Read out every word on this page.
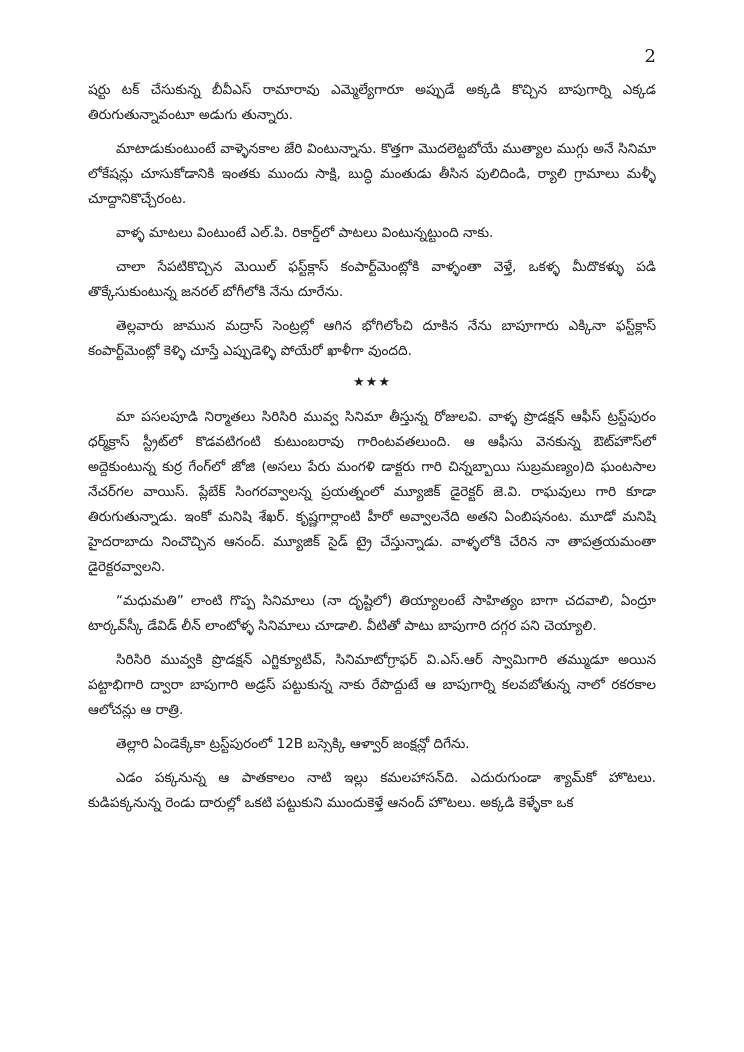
2

షర్టు టక్ చేసుకున్న బీవీఎస్ రామారావు ఎమ్మెల్యేగారూ అప్పుడే అక్కడి కొచ్చిన బాపుగార్ని ఎక్కడ తిరుగుతున్నావంటూ అడుగు తున్నారు.

మాటాడుకుంటుంటే వాళ్ళెనకాల జేరి వింటున్నాను. కొత్తగా మొదలెట్టబోయే ముత్యాల ముగ్గు అనే సినిమా లోకేషన్లు చూసుకోడానికి ఇంతకు ముందు సాక్షి, బుద్ధి మంతుడు తీసిన పులిదిండి, ర్యాలి గ్రామాలు మళ్ళీ చూద్దానికొచ్చేరంట.

వాళ్ళ మాటలు వింటుంటే ఎల్.పి. రికార్డ్‌లో పాటలు వింటున్నట్టుంది నాకు.

చాలా సేపటికొచ్చిన మెయిల్ ఫస్ట్‌క్లాస్ కంపార్ట్‌మెంట్లోకి వాళ్ళంతా వెళ్తే, ఒకళ్ళ మీదొకళ్ళు పడి తొక్కేసుకుంటున్న జనరల్ బోగీలోకి నేను దూరేను.

తెల్లవారు జామున మద్రాస్ సెంట్రల్లో ఆగిన భోగిలోంచి దూకిన నేను బాపూగారు ఎక్కినా ఫస్ట్‌క్లాస్ కంపార్ట్‌మెంట్లో కెళ్ళి చూస్తే ఎప్పుడెళ్ళి పోయేరో ఖాళీగా వుందది.

★★★

మా పసలపూడి నిర్మాతలు సిరిసిరి మువ్వ సినిమా తీస్తున్న రోజులవి. వాళ్ళ ప్రొడక్షన్ ఆఫీస్ ట్రస్ట్‌పురం ధర్మ్‌క్రాస్ స్ట్రీట్‌లో కొడవటిగంటి కుటుంబరావు గారింటవతలుంది. ఆ ఆఫీసు వెనకున్న ఔట్‌హౌస్‌లో అద్దెకుంటున్న కుర్ర గేంగ్‌లో జోజి (అసలు పేరు మంగళి డాక్టరు గారి చిన్నబ్బాయి సుబ్రమణ్యం)ది ఘంటసాల నేచర్‌గల వాయిస్. ప్లేబేక్ సింగరవ్వాలన్న ప్రయత్నంలో మ్యూజిక్ డైరెక్టర్ జె.వి. రాఘవులు గారి కూడా తిరుగుతున్నాడు. ఇంకో మనిషి శేఖర్. కృష్ణగార్లాంటి హీరో అవ్వాలనేది అతని ఏంబిషనంట. మూడో మనిషి హైదరాబాదు నించొచ్చిన ఆనంద్. మ్యూజిక్ సైడ్ ట్రై చేస్తున్నాడు. వాళ్ళలోకి చేరిన నా తాపత్రయమంతా డైరెక్టరవ్వాలని.

“మధుమతి” లాంటి గొప్ప సినిమాలు (నా దృష్టిలో) తియ్యాలంటే సాహిత్యం బాగా చదవాలి, ఏంద్రూ టార్కవ్‌స్కీ డేవిడ్ లీన్ లాంటోళ్ళ సినిమాలు చూడాలి. వీటితో పాటు బాపుగారి దగ్గర పని చెయ్యాలి.

సిరిసిరి మువ్వకి ప్రొడక్షన్ ఎగ్జిక్యూటివ్, సినిమాటోగ్రాఫర్ వి.ఎస్.ఆర్ స్వామిగారి తమ్ముడూ అయిన పట్టాభిగారి ద్వారా బాపుగారి అడ్రస్ పట్టుకున్న నాకు రేపొద్దుటే ఆ బాపుగార్ని కలవబోతున్న నాలో రకరకాల ఆలోచన్లు ఆ రాత్రి.

తెల్లారి ఏండెక్కేకా ట్రస్ట్‌పురంలో 12B బస్సెక్కి ఆళ్వార్ జంక్షన్లో దిగేను.

ఎడం పక్కనున్న ఆ పాతకాలం నాటి ఇల్లు కమలహాసన్‌ది. ఎదురుగుండా శ్యామ్‌కో హొటలు. కుడిపక్కనున్న రెండు దారుల్లో ఒకటి పట్టుకుని ముందుకెళ్తే ఆనంద్ హొటలు. అక్కడి కెళ్ళేకా ఒక
